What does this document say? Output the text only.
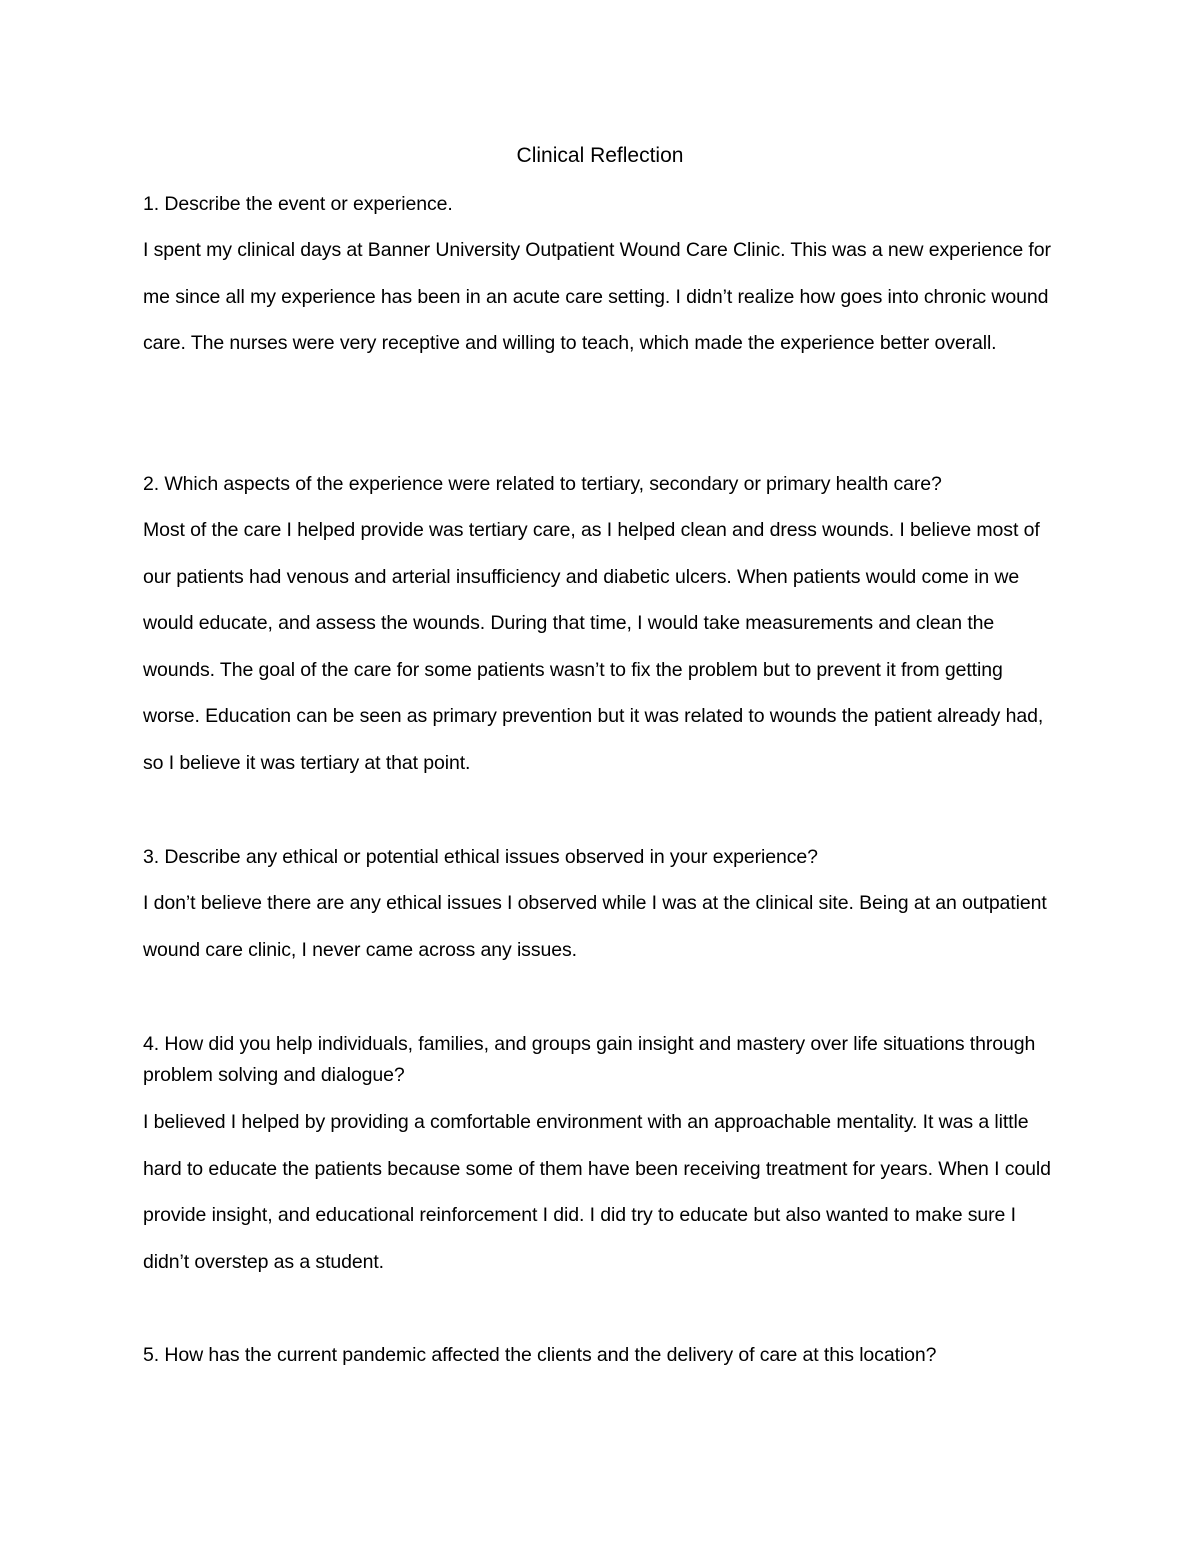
Clinical Reflection

1. Describe the event or experience.

I spent my clinical days at Banner University Outpatient Wound Care Clinic. This was a new experience for me since all my experience has been in an acute care setting. I didn’t realize how goes into chronic wound care. The nurses were very receptive and willing to teach, which made the experience better overall.

2. Which aspects of the experience were related to tertiary, secondary or primary health care?

Most of the care I helped provide was tertiary care, as I helped clean and dress wounds. I believe most of our patients had venous and arterial insufficiency and diabetic ulcers. When patients would come in we would educate, and assess the wounds. During that time, I would take measurements and clean the wounds. The goal of the care for some patients wasn’t to fix the problem but to prevent it from getting worse. Education can be seen as primary prevention but it was related to wounds the patient already had, so I believe it was tertiary at that point.

3. Describe any ethical or potential ethical issues observed in your experience?

I don’t believe there are any ethical issues I observed while I was at the clinical site. Being at an outpatient wound care clinic, I never came across any issues.

4. How did you help individuals, families, and groups gain insight and mastery over life situations through problem solving and dialogue?

I believed I helped by providing a comfortable environment with an approachable mentality. It was a little hard to educate the patients because some of them have been receiving treatment for years. When I could provide insight, and educational reinforcement I did. I did try to educate but also wanted to make sure I didn’t overstep as a student.

5. How has the current pandemic affected the clients and the delivery of care at this location?
